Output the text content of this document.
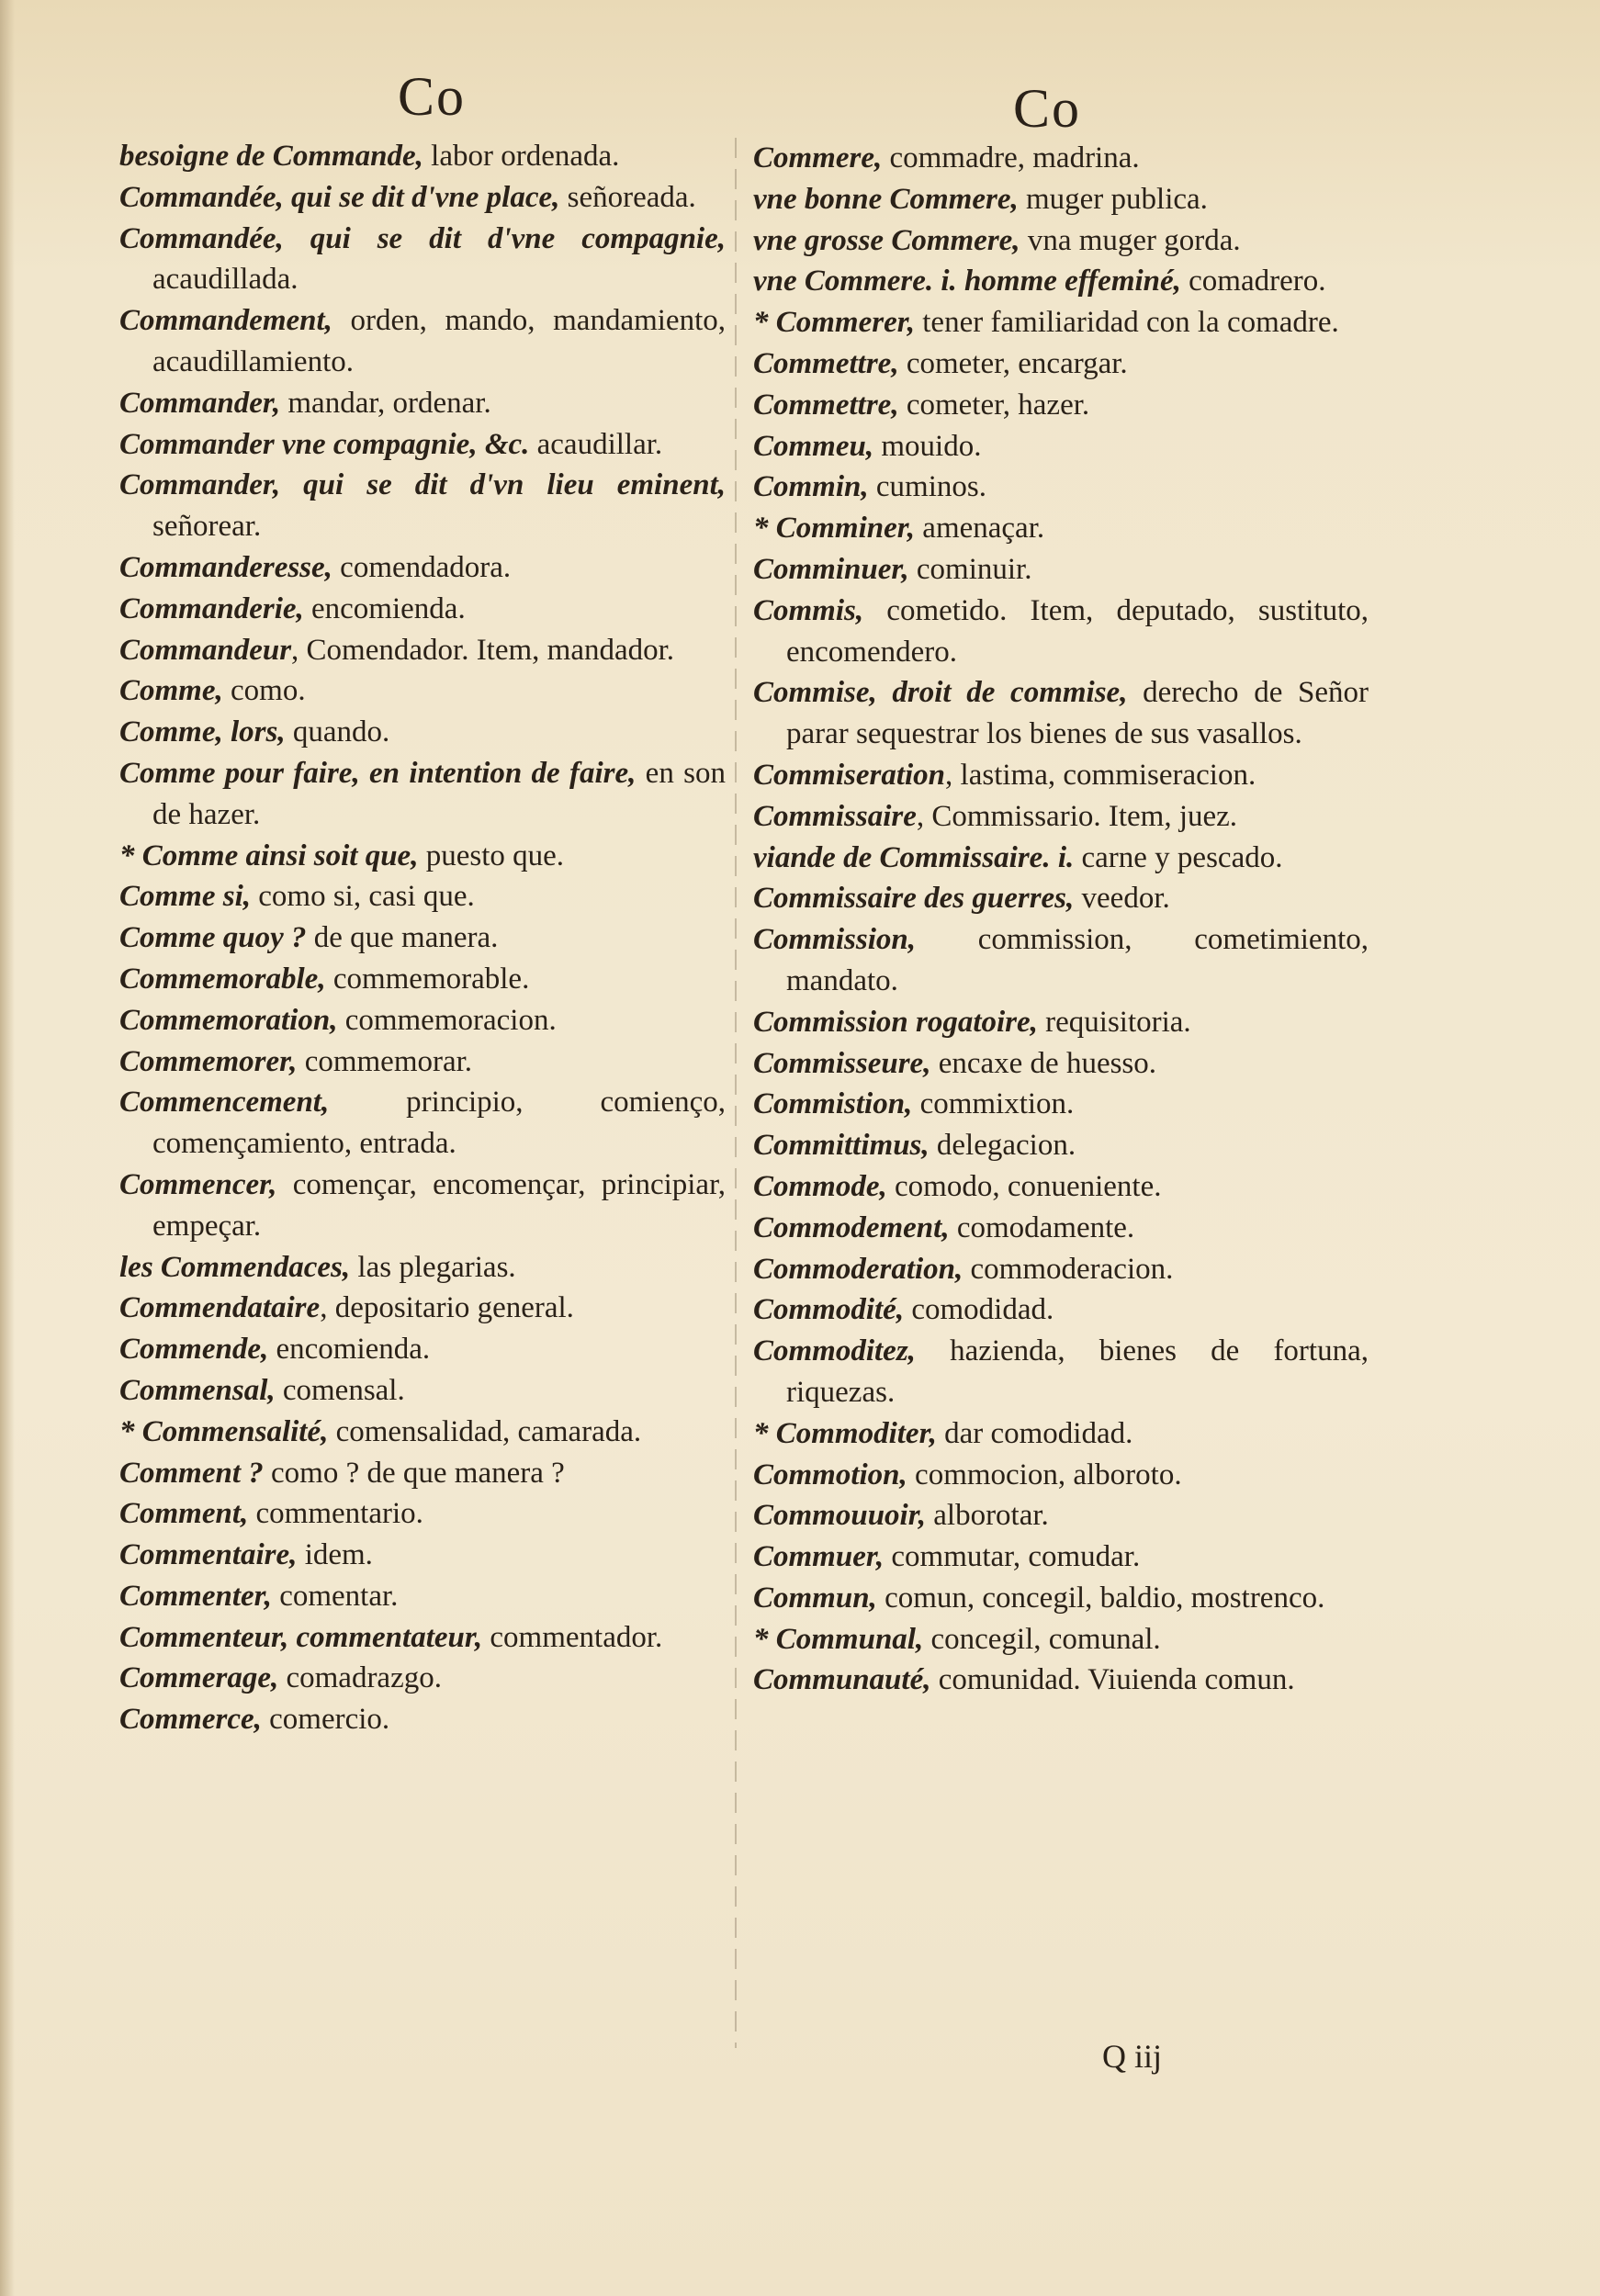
Co

besoigne de Commande, labor ordenada.

Commandée, qui se dit d'vne place, señoreada.

Commandée, qui se dit d'vne compagnie, acaudillada.

Commandement, orden, mando, mandamiento, acaudillamiento.

Commander, mandar, ordenar.

Commander vne compagnie, &c. acaudillar.

Commander, qui se dit d'vn lieu eminent, señorear.

Commanderesse, comendadora.

Commanderie, encomienda.

Commandeur, Comendador. Item, mandador.

Comme, como.

Comme, lors, quando.

Comme pour faire, en intention de faire, en son de hazer.

* Comme ainsi soit que, puesto que.

Comme si, como si, casi que.

Comme quoy ? de que manera.

Commemorable, commemorable.

Commemoration, commemoracion.

Commemorer, commemorar.

Commencement, principio, comienço, començamiento, entrada.

Commencer, començar, encomençar, principiar, empeçar.

les Commendaces, las plegarias.

Commendataire, depositario general.

Commende, encomienda.

Commensal, comensal.

* Commensalité, comensalidad, camarada.

Comment ? como ? de que manera ?

Comment, commentario.

Commentaire, idem.

Commenter, comentar.

Commenteur, commentateur, commentador.

Commerage, comadrazgo.

Commerce, comercio.

Co

Commere, commadre, madrina.

vne bonne Commere, muger publica.

vne grosse Commere, vna muger gorda.

vne Commere. i. homme effeminé, comadrero.

* Commerer, tener familiaridad con la comadre.

Commettre, cometer, encargar.

Commettre, cometer, hazer.

Commeu, mouido.

Commin, cuminos.

* Comminer, amenaçar.

Comminuer, cominuir.

Commis, cometido. Item, deputado, sustituto, encomendero.

Commise, droit de commise, derecho de Señor parar sequestrar los bienes de sus vasallos.

Commiseration, lastima, commiseracion.

Commissaire, Commissario. Item, juez.

viande de Commissaire. i. carne y pescado.

Commissaire des guerres, veedor.

Commission, commission, cometimiento, mandato.

Commission rogatoire, requisitoria.

Commisseure, encaxe de huesso.

Commistion, commixtion.

Committimus, delegacion.

Commode, comodo, conueniente.

Commodement, comodamente.

Commoderation, commoderacion.

Commodité, comodidad.

Commoditez, hazienda, bienes de fortuna, riquezas.

* Commoditer, dar comodidad.

Commotion, commocion, alboroto.

Commouuoir, alborotar.

Commuer, commutar, comudar.

Commun, comun, concegil, baldio, mostrenco.

* Communal, concegil, comunal.

Communauté, comunidad. Viuienda comun.

Q iij
